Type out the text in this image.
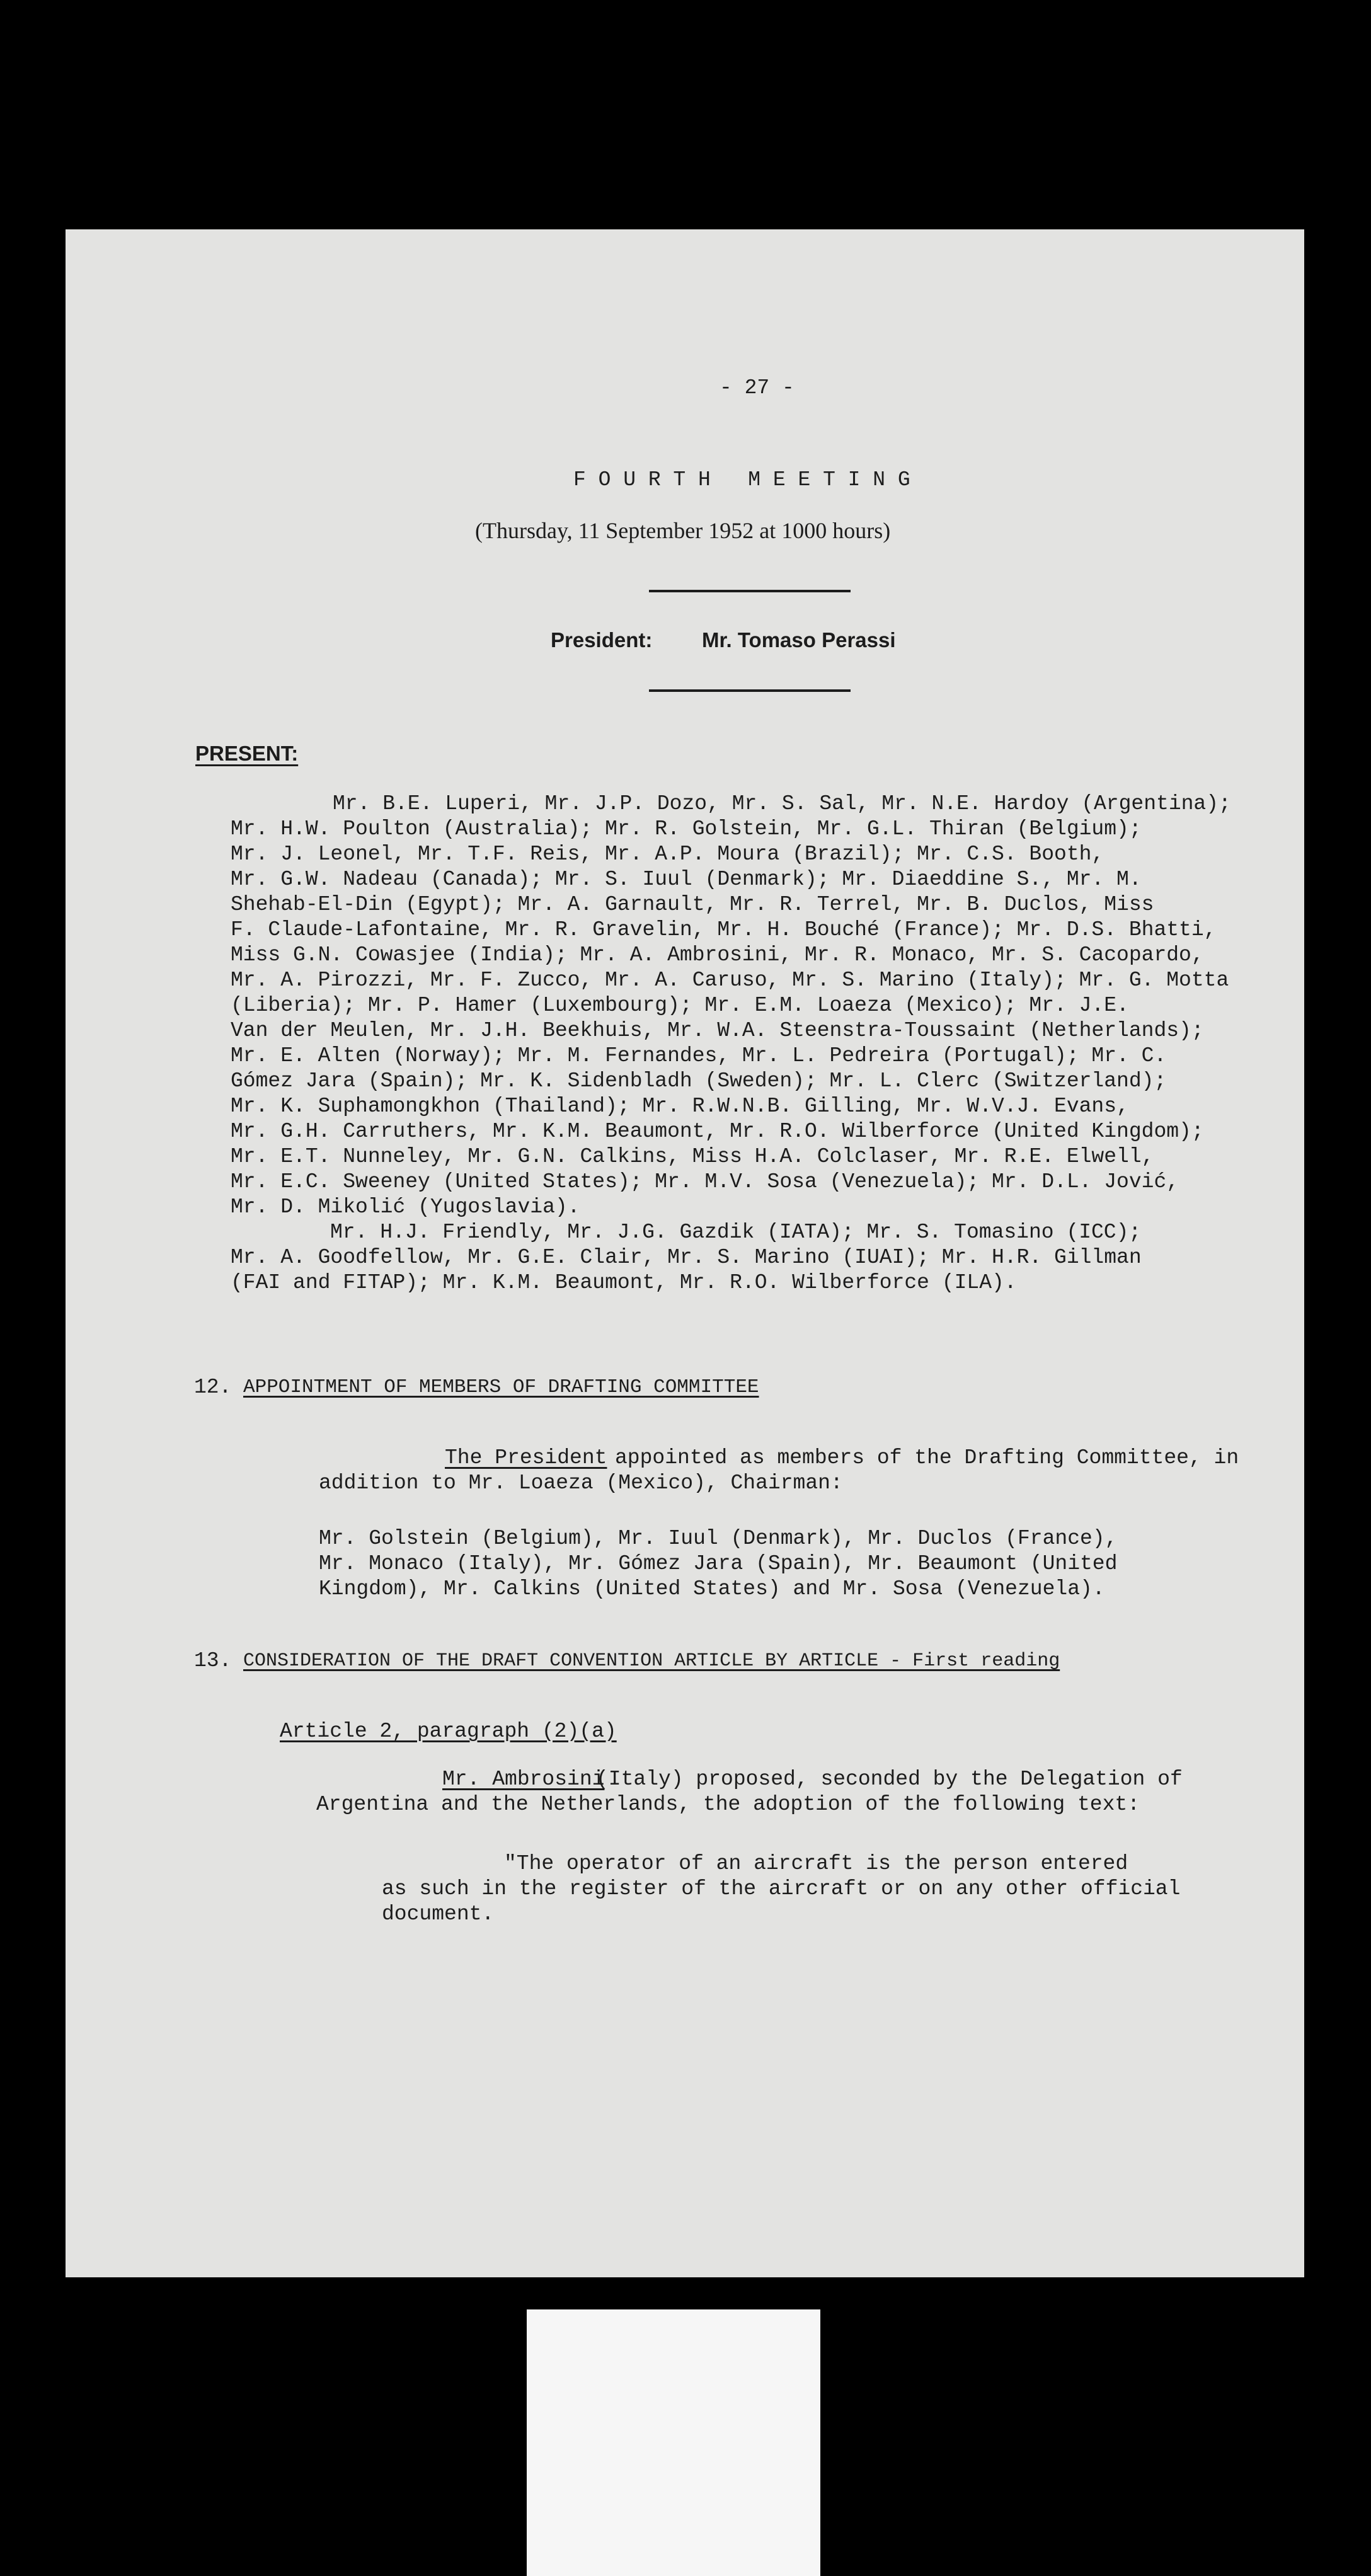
- 27 -
F O U R T H   M E E T I N G
(Thursday, 11 September 1952 at 1000 hours)
President: Mr. Tomaso Perassi
PRESENT:
Mr. B.E. Luperi, Mr. J.P. Dozo, Mr. S. Sal, Mr. N.E. Hardoy (Argentina);
Mr. H.W. Poulton (Australia); Mr. R. Golstein, Mr. G.L. Thiran (Belgium);
Mr. J. Leonel, Mr. T.F. Reis, Mr. A.P. Moura (Brazil); Mr. C.S. Booth,
Mr. G.W. Nadeau (Canada); Mr. S. Iuul (Denmark); Mr. Diaeddine S., Mr. M.
Shehab-El-Din (Egypt); Mr. A. Garnault, Mr. R. Terrel, Mr. B. Duclos, Miss
F. Claude-Lafontaine, Mr. R. Gravelin, Mr. H. Bouché (France); Mr. D.S. Bhatti,
Miss G.N. Cowasjee (India); Mr. A. Ambrosini, Mr. R. Monaco, Mr. S. Cacopardo,
Mr. A. Pirozzi, Mr. F. Zucco, Mr. A. Caruso, Mr. S. Marino (Italy); Mr. G. Motta
(Liberia); Mr. P. Hamer (Luxembourg); Mr. E.M. Loaeza (Mexico); Mr. J.E.
Van der Meulen, Mr. J.H. Beekhuis, Mr. W.A. Steenstra-Toussaint (Netherlands);
Mr. E. Alten (Norway); Mr. M. Fernandes, Mr. L. Pedreira (Portugal); Mr. C.
Gómez Jara (Spain); Mr. K. Sidenbladh (Sweden); Mr. L. Clerc (Switzerland);
Mr. K. Suphamongkhon (Thailand); Mr. R.W.N.B. Gilling, Mr. W.V.J. Evans,
Mr. G.H. Carruthers, Mr. K.M. Beaumont, Mr. R.O. Wilberforce (United Kingdom);
Mr. E.T. Nunneley, Mr. G.N. Calkins, Miss H.A. Colclaser, Mr. R.E. Elwell,
Mr. E.C. Sweeney (United States); Mr. M.V. Sosa (Venezuela); Mr. D.L. Jović,
Mr. D. Mikolić (Yugoslavia).
Mr. H.J. Friendly, Mr. J.G. Gazdik (IATA); Mr. S. Tomasino (ICC);
Mr. A. Goodfellow, Mr. G.E. Clair, Mr. S. Marino (IUAI); Mr. H.R. Gillman
(FAI and FITAP); Mr. K.M. Beaumont, Mr. R.O. Wilberforce (ILA).
12. APPOINTMENT OF MEMBERS OF DRAFTING COMMITTEE
The President appointed as members of the Drafting Committee, in
addition to Mr. Loaeza (Mexico), Chairman:
Mr. Golstein (Belgium), Mr. Iuul (Denmark), Mr. Duclos (France),
Mr. Monaco (Italy), Mr. Gómez Jara (Spain), Mr. Beaumont (United
Kingdom), Mr. Calkins (United States) and Mr. Sosa (Venezuela).
13. CONSIDERATION OF THE DRAFT CONVENTION ARTICLE BY ARTICLE - First reading
Article 2, paragraph (2)(a)
Mr. Ambrosini
(Italy) proposed, seconded by the Delegation of
Argentina and the Netherlands, the adoption of the following text:
"The operator of an aircraft is the person entered
as such in the register of the aircraft or on any other official
document.
